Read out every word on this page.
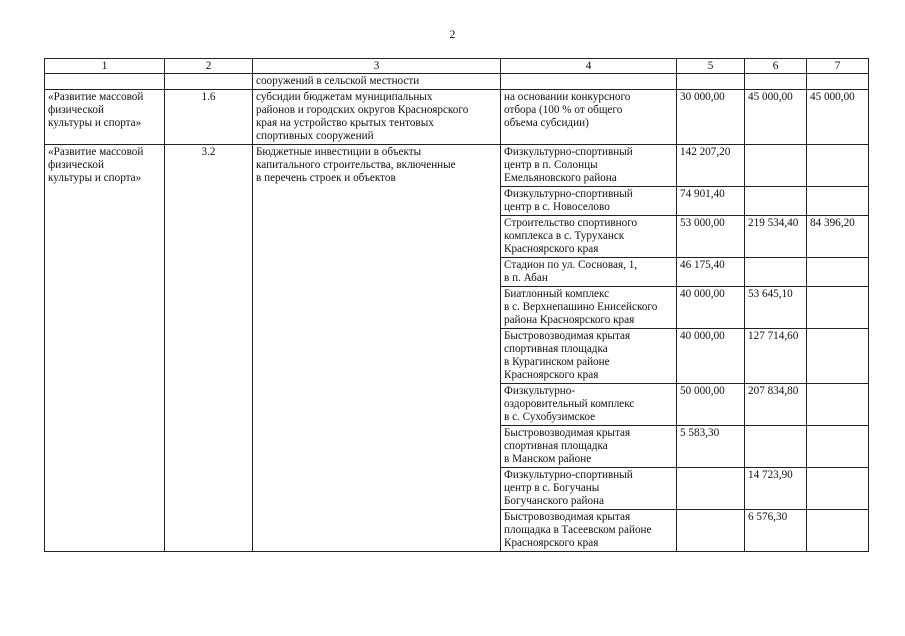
2
1	2	3	4	5	6	7
		сооружений в сельской местности				
«Развитие массовой
физической
культуры и спорта»	1.6	субсидии бюджетам муниципальных
районов и городских округов Красноярского
края на устройство крытых тентовых
спортивных сооружений	на основании конкурсного
отбора (100 % от общего
объема субсидии)	30 000,00	45 000,00	45 000,00
«Развитие массовой
физической
культуры и спорта»	3.2	Бюджетные инвестиции в объекты
капитального строительства, включенные
в перечень строек и объектов	Физкультурно-спортивный
центр в п. Солонцы
Емельяновского района	142 207,20		
			Физкультурно-спортивный
центр в с. Новоселово	74 901,40		
			Строительство спортивного
комплекса в с. Туруханск
Красноярского края	53 000,00	219 534,40	84 396,20
			Стадион по ул. Сосновая, 1,
в п. Абан	46 175,40		
			Биатлонный комплекс
в с. Верхнепашино Енисейского
района Красноярского края	40 000,00	53 645,10	
			Быстровозводимая крытая
спортивная площадка
в Курагинском районе
Красноярского края	40 000,00	127 714,60	
			Физкультурно-
оздоровительный комплекс
в с. Сухобузимское	50 000,00	207 834,80	
			Быстровозводимая крытая
спортивная площадка
в Манском районе	5 583,30		
			Физкультурно-спортивный
центр в с. Богучаны
Богучанского района		14 723,90	
			Быстровозводимая крытая
площадка в Тасеевском районе
Красноярского края		6 576,30	
